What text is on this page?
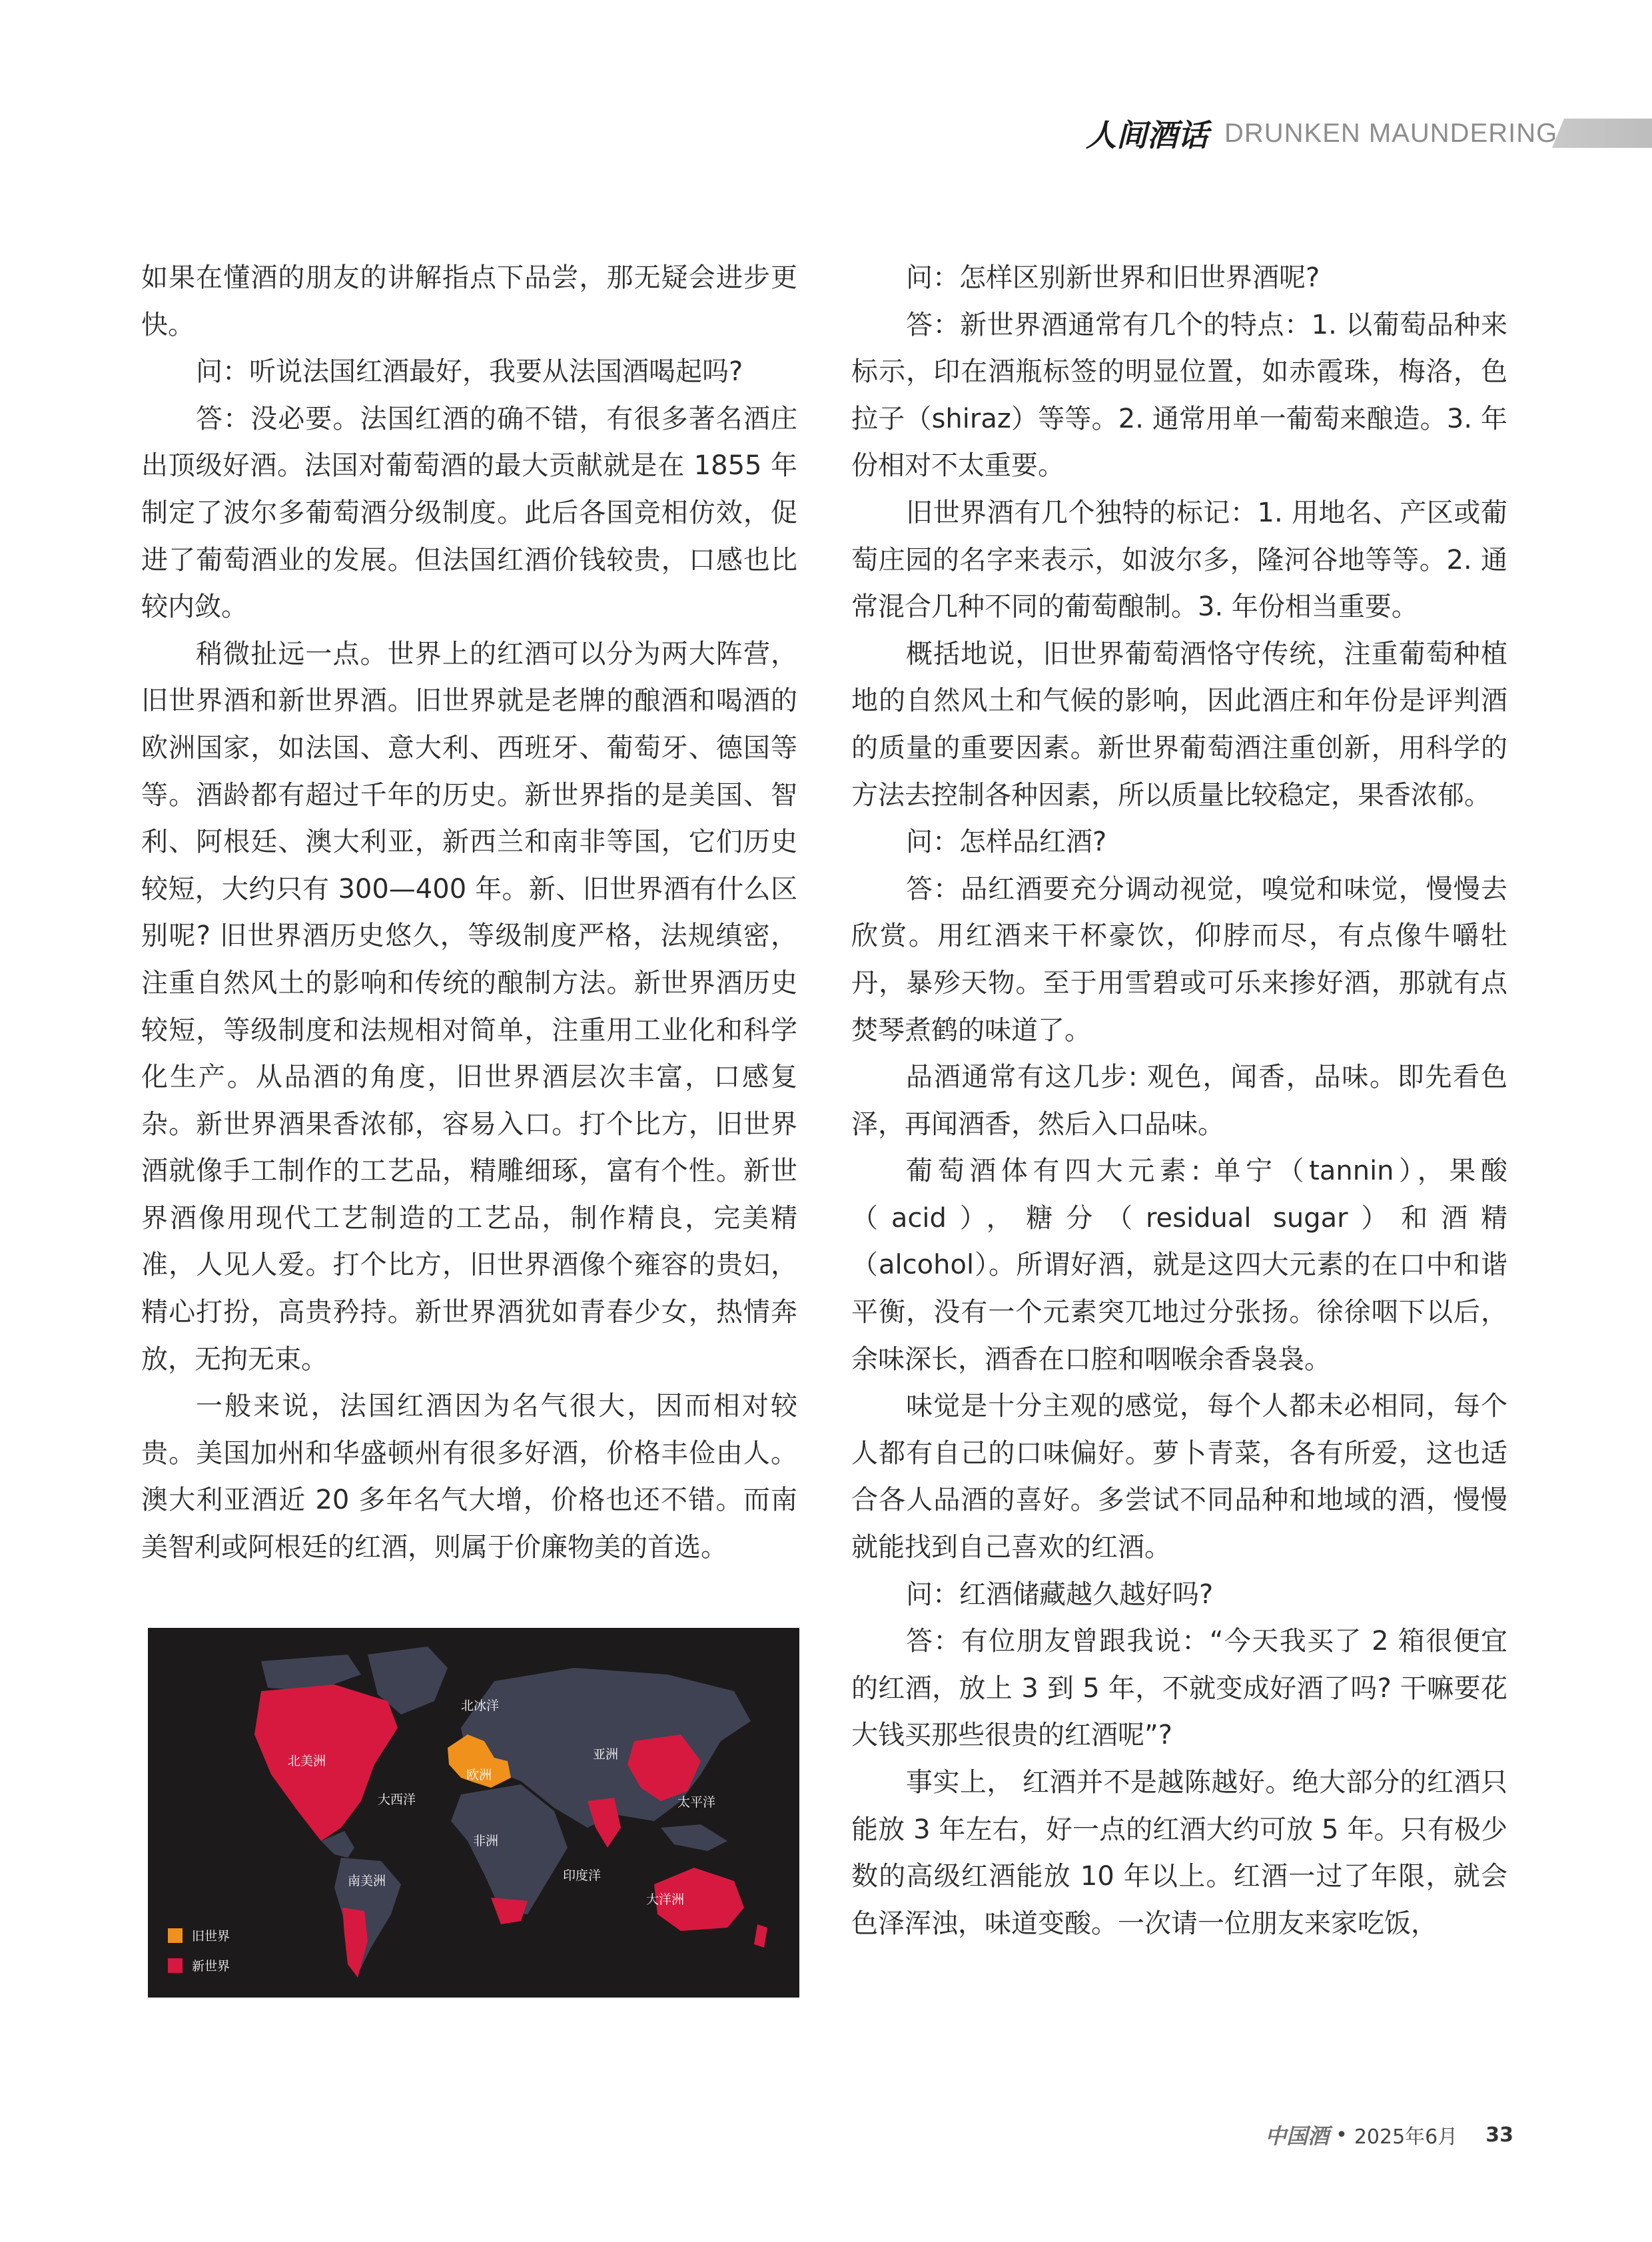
人间酒话 DRUNKEN MAUNDERING

如果在懂酒的朋友的讲解指点下品尝，那无疑会进步更快。

问：听说法国红酒最好，我要从法国酒喝起吗?

答：没必要。法国红酒的确不错，有很多著名酒庄出顶级好酒。法国对葡萄酒的最大贡献就是在 1855 年制定了波尔多葡萄酒分级制度。此后各国竞相仿效，促进了葡萄酒业的发展。但法国红酒价钱较贵，口感也比较内敛。

稍微扯远一点。世界上的红酒可以分为两大阵营，旧世界酒和新世界酒。旧世界就是老牌的酿酒和喝酒的欧洲国家，如法国、意大利、西班牙、葡萄牙、德国等等。酒龄都有超过千年的历史。新世界指的是美国、智利、阿根廷、澳大利亚，新西兰和南非等国，它们历史较短，大约只有 300—400 年。新、旧世界酒有什么区别呢? 旧世界酒历史悠久，等级制度严格，法规缜密，注重自然风土的影响和传统的酿制方法。新世界酒历史较短，等级制度和法规相对简单，注重用工业化和科学化生产。从品酒的角度，旧世界酒层次丰富，口感复杂。新世界酒果香浓郁，容易入口。打个比方，旧世界酒就像手工制作的工艺品，精雕细琢，富有个性。新世界酒像用现代工艺制造的工艺品，制作精良，完美精准，人见人爱。打个比方，旧世界酒像个雍容的贵妇，精心打扮，高贵矜持。新世界酒犹如青春少女，热情奔放，无拘无束。

一般来说，法国红酒因为名气很大，因而相对较贵。美国加州和华盛顿州有很多好酒，价格丰俭由人。澳大利亚酒近 20 多年名气大增，价格也还不错。而南美智利或阿根廷的红酒，则属于价廉物美的首选。

问：怎样区别新世界和旧世界酒呢?

答：新世界酒通常有几个的特点：1. 以葡萄品种来标示，印在酒瓶标签的明显位置，如赤霞珠，梅洛，色拉子（shiraz）等等。2. 通常用单一葡萄来酿造。3. 年份相对不太重要。

旧世界酒有几个独特的标记：1. 用地名、产区或葡萄庄园的名字来表示，如波尔多，隆河谷地等等。2. 通常混合几种不同的葡萄酿制。3. 年份相当重要。

概括地说，旧世界葡萄酒恪守传统，注重葡萄种植地的自然风土和气候的影响，因此酒庄和年份是评判酒的质量的重要因素。新世界葡萄酒注重创新，用科学的方法去控制各种因素，所以质量比较稳定，果香浓郁。

问：怎样品红酒?

答：品红酒要充分调动视觉，嗅觉和味觉，慢慢去欣赏。用红酒来干杯豪饮，仰脖而尽，有点像牛嚼牡丹，暴殄天物。至于用雪碧或可乐来掺好酒，那就有点焚琴煮鹤的味道了。

品酒通常有这几步: 观色，闻香，品味。即先看色泽，再闻酒香，然后入口品味。

葡萄酒体有四大元素: 单宁（tannin），果酸（acid），糖分（residual sugar）和酒精（alcohol）。所谓好酒，就是这四大元素的在口中和谐平衡，没有一个元素突兀地过分张扬。徐徐咽下以后，余味深长，酒香在口腔和咽喉余香袅袅。

味觉是十分主观的感觉，每个人都未必相同，每个人都有自己的口味偏好。萝卜青菜，各有所爱，这也适合各人品酒的喜好。多尝试不同品种和地域的酒，慢慢就能找到自己喜欢的红酒。

问：红酒储藏越久越好吗?

答：有位朋友曾跟我说：“今天我买了 2 箱很便宜的红酒，放上 3 到 5 年，不就变成好酒了吗? 干嘛要花大钱买那些很贵的红酒呢”?

事实上， 红酒并不是越陈越好。绝大部分的红酒只能放 3 年左右，好一点的红酒大约可放 5 年。只有极少数的高级红酒能放 10 年以上。红酒一过了年限，就会色泽浑浊，味道变酸。一次请一位朋友来家吃饭，

北美洲
北冰洋
欧洲
亚洲
大西洋	太平洋
非洲
南美洲	印度洋
大洋洲
旧世界
新世界
中国酒 • 2025年6月 33
